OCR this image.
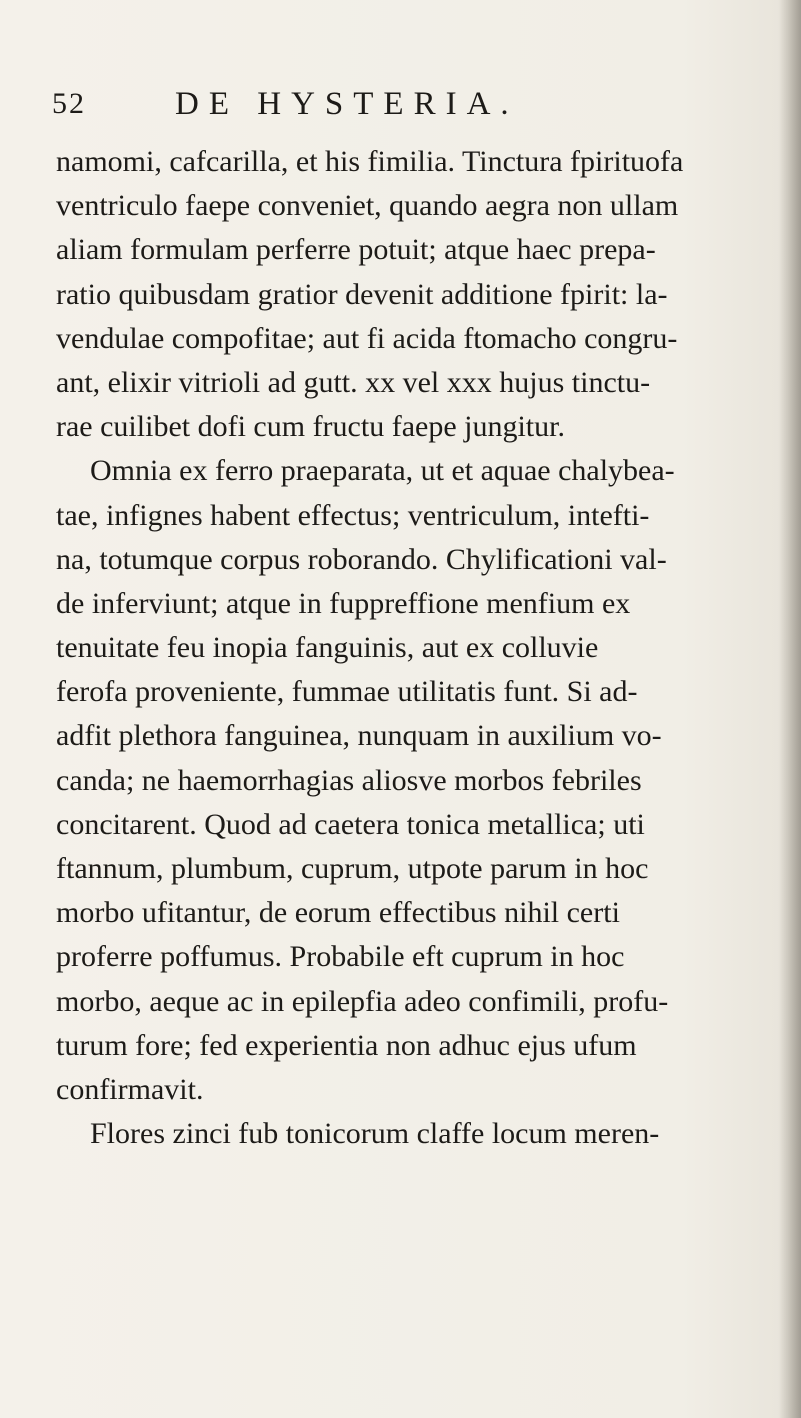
52	DE HYSTERIA.
namomi, cafcarilla, et his fimilia. Tinctura fpirituofa
ventriculo faepe conveniet, quando aegra non ullam
aliam formulam perferre potuit; atque haec prepa-
ratio quibusdam gratior devenit additione fpirit: la-
vendulae compofitae; aut fi acida ftomacho congru-
ant, elixir vitrioli ad gutt. xx vel xxx hujus tinctu-
rae cuilibet dofi cum fructu faepe jungitur.
Omnia ex ferro praeparata, ut et aquae chalybea-
tae, infignes habent effectus; ventriculum, intefti-
na, totumque corpus roborando. Chylificationi val-
de inferviunt; atque in fuppreffione menfium ex
tenuitate feu inopia fanguinis, aut ex colluvie
ferofa proveniente, fummae utilitatis funt. Si ad-
adfit plethora fanguinea, nunquam in auxilium vo-
canda; ne haemorrhagias aliosve morbos febriles
concitarent. Quod ad caetera tonica metallica; uti
ftannum, plumbum, cuprum, utpote parum in hoc
morbo ufitantur, de eorum effectibus nihil certi
proferre poffumus. Probabile eft cuprum in hoc
morbo, aeque ac in epilepfia adeo confimili, profu-
turum fore; fed experientia non adhuc ejus ufum
confirmavit.
Flores zinci fub tonicorum claffe locum meren-
